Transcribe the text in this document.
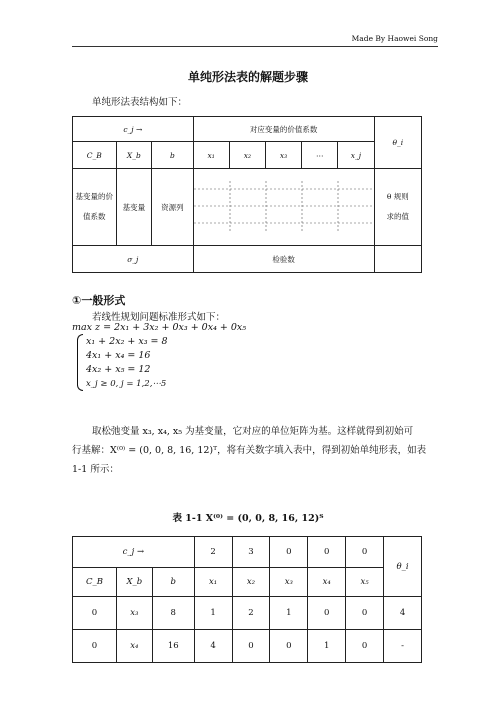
Made By Haowei Song
单纯形法表的解题步骤
单纯形法表结构如下：
c_j →			对应变量的价值系数					θ_i
C_B	X_b	b	x₁	x₂	x₃	⋯	x_j	
基变量的价值系数	基变量	资源列						θ 规则
求的值

σ_j			检验数					
①一般形式
若线性规划问题标准形式如下：
max z = 2x₁ + 3x₂ + 0x₃ + 0x₄ + 0x₅
x₁ + 2x₂ + x₃ = 8
4x₁ + x₄ = 16
4x₂ + x₅ = 12
x_j ≥ 0, j = 1,2,⋯5
取松弛变量 x₃, x₄, x₅ 为基变量，它对应的单位矩阵为基。这样就得到初始可
行基解：X⁽⁰⁾ = (0, 0, 8, 16, 12)ᵀ，将有关数字填入表中，得到初始单纯形表，如表
1-1 所示：
表 1-1 X⁽⁰⁾ = (0, 0, 8, 16, 12)ᵀ
c_j →			2	3	0	0	0	θ_i
C_B	X_b	b	x₁	x₂	x₃	x₄	x₅	
0	x₃	8	1	2	1	0	0	4
0	x₄	16	4	0	0	1	0	-
